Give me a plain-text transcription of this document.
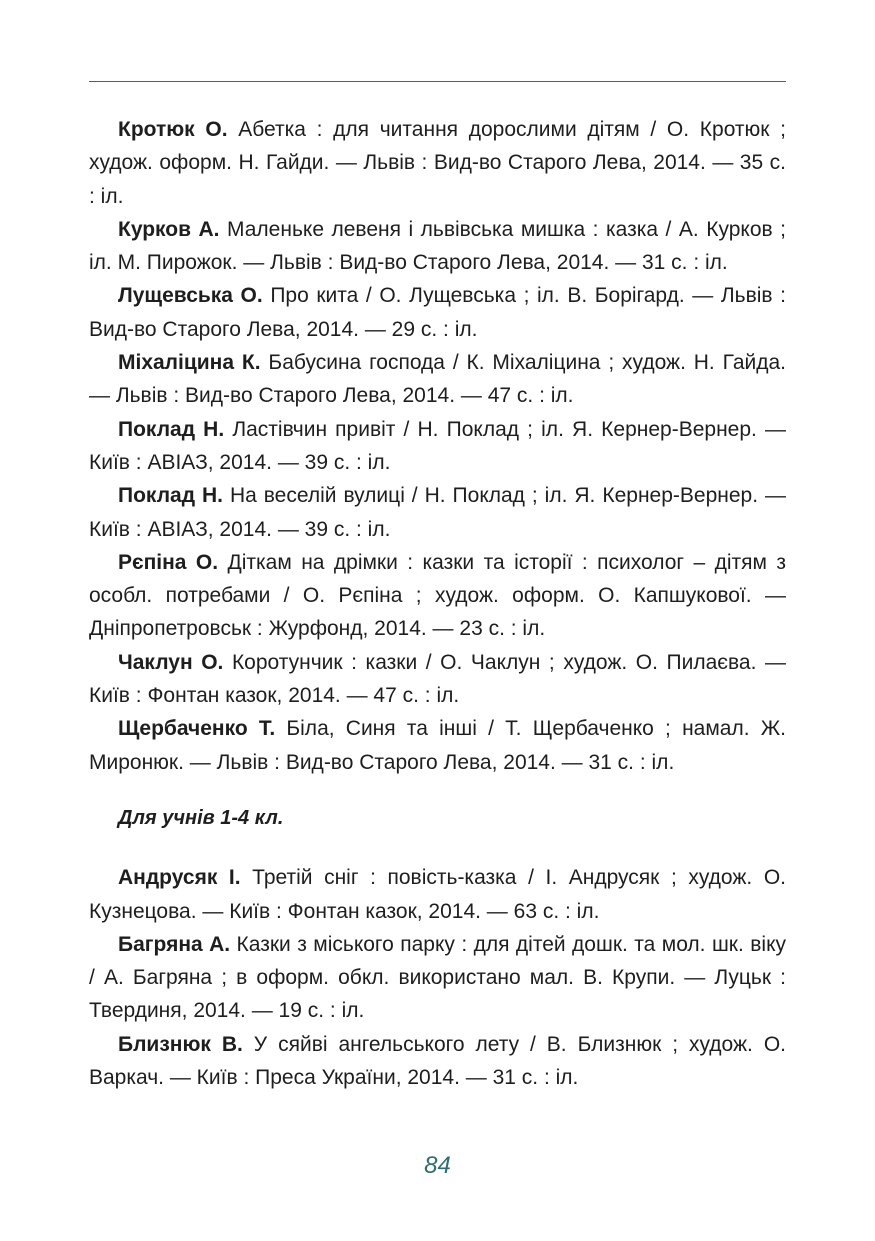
Кротюк О. Абетка : для читання дорослими дітям / О. Кротюк ; худож. оформ. Н. Гайди. — Львів : Вид-во Старого Лева, 2014. — 35 с. : іл.

Курков А. Маленьке левеня і львівська мишка : казка / А. Курков ; іл. М. Пирожок. — Львів : Вид-во Старого Лева, 2014. — 31 с. : іл.

Лущевська О. Про кита / О. Лущевська ; іл. В. Борігард. — Львів : Вид-во Старого Лева, 2014. — 29 с. : іл.

Міхаліцина К. Бабусина господа / К. Міхаліцина ; худож. Н. Гайда. — Львів : Вид-во Старого Лева, 2014. — 47 с. : іл.

Поклад Н. Ластівчин привіт / Н. Поклад ; іл. Я. Кернер-Вернер. — Київ : АВІАЗ, 2014. — 39 с. : іл.

Поклад Н. На веселій вулиці / Н. Поклад ; іл. Я. Кернер-Вернер. — Київ : АВІАЗ, 2014. — 39 с. : іл.

Рєпіна О. Діткам на дрімки : казки та історії : психолог – дітям з особл. потребами / О. Рєпіна ; худож. оформ. О. Капшукової. — Дніпропетровськ : Журфонд, 2014. — 23 с. : іл.

Чаклун О. Коротунчик : казки / О. Чаклун ; худож. О. Пилаєва. — Київ : Фонтан казок, 2014. — 47 с. : іл.

Щербаченко Т. Біла, Синя та інші / Т. Щербаченко ; намал. Ж. Миронюк. — Львів : Вид-во Старого Лева, 2014. — 31 с. : іл.

Для учнів 1-4 кл.

Андрусяк І. Третій сніг : повість-казка / І. Андрусяк ; худож. О. Кузнецова. — Київ : Фонтан казок, 2014. — 63 с. : іл.

Багряна А. Казки з міського парку : для дітей дошк. та мол. шк. віку / А. Багряна ; в оформ. обкл. використано мал. В. Крупи. — Луцьк : Твердиня, 2014. — 19 с. : іл.

Близнюк В. У сяйві ангельського лету / В. Близнюк ; худож. О. Варкач. — Київ : Преса України, 2014. — 31 с. : іл.

84
